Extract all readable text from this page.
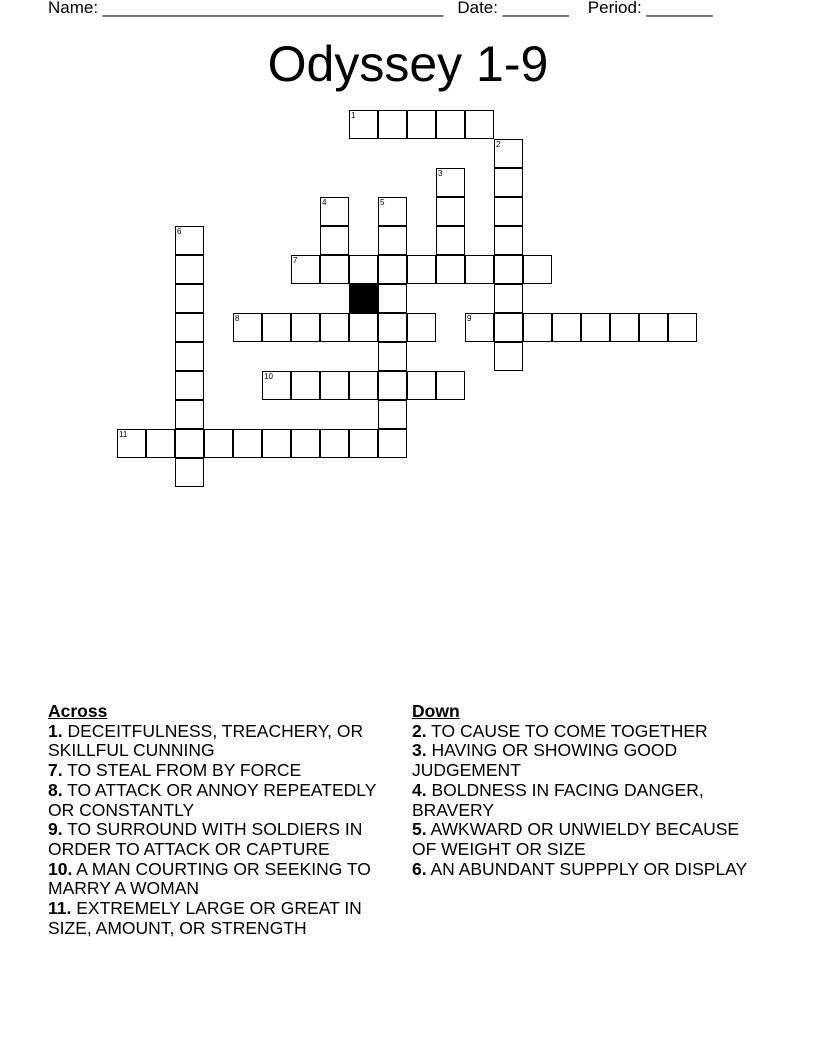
Name: ____________________________________ Date: _______ Period: _______
Odyssey 1-9
1
2
3
4	5
6
7
8	9
10
11
Across
1. DECEITFULNESS, TREACHERY, OR SKILLFUL CUNNING
7. TO STEAL FROM BY FORCE
8. TO ATTACK OR ANNOY REPEATEDLY OR CONSTANTLY
9. TO SURROUND WITH SOLDIERS IN ORDER TO ATTACK OR CAPTURE
10. A MAN COURTING OR SEEKING TO MARRY A WOMAN
11. EXTREMELY LARGE OR GREAT IN SIZE, AMOUNT, OR STRENGTH
Down
2. TO CAUSE TO COME TOGETHER
3. HAVING OR SHOWING GOOD JUDGEMENT
4. BOLDNESS IN FACING DANGER, BRAVERY
5. AWKWARD OR UNWIELDY BECAUSE OF WEIGHT OR SIZE
6. AN ABUNDANT SUPPPLY OR DISPLAY
